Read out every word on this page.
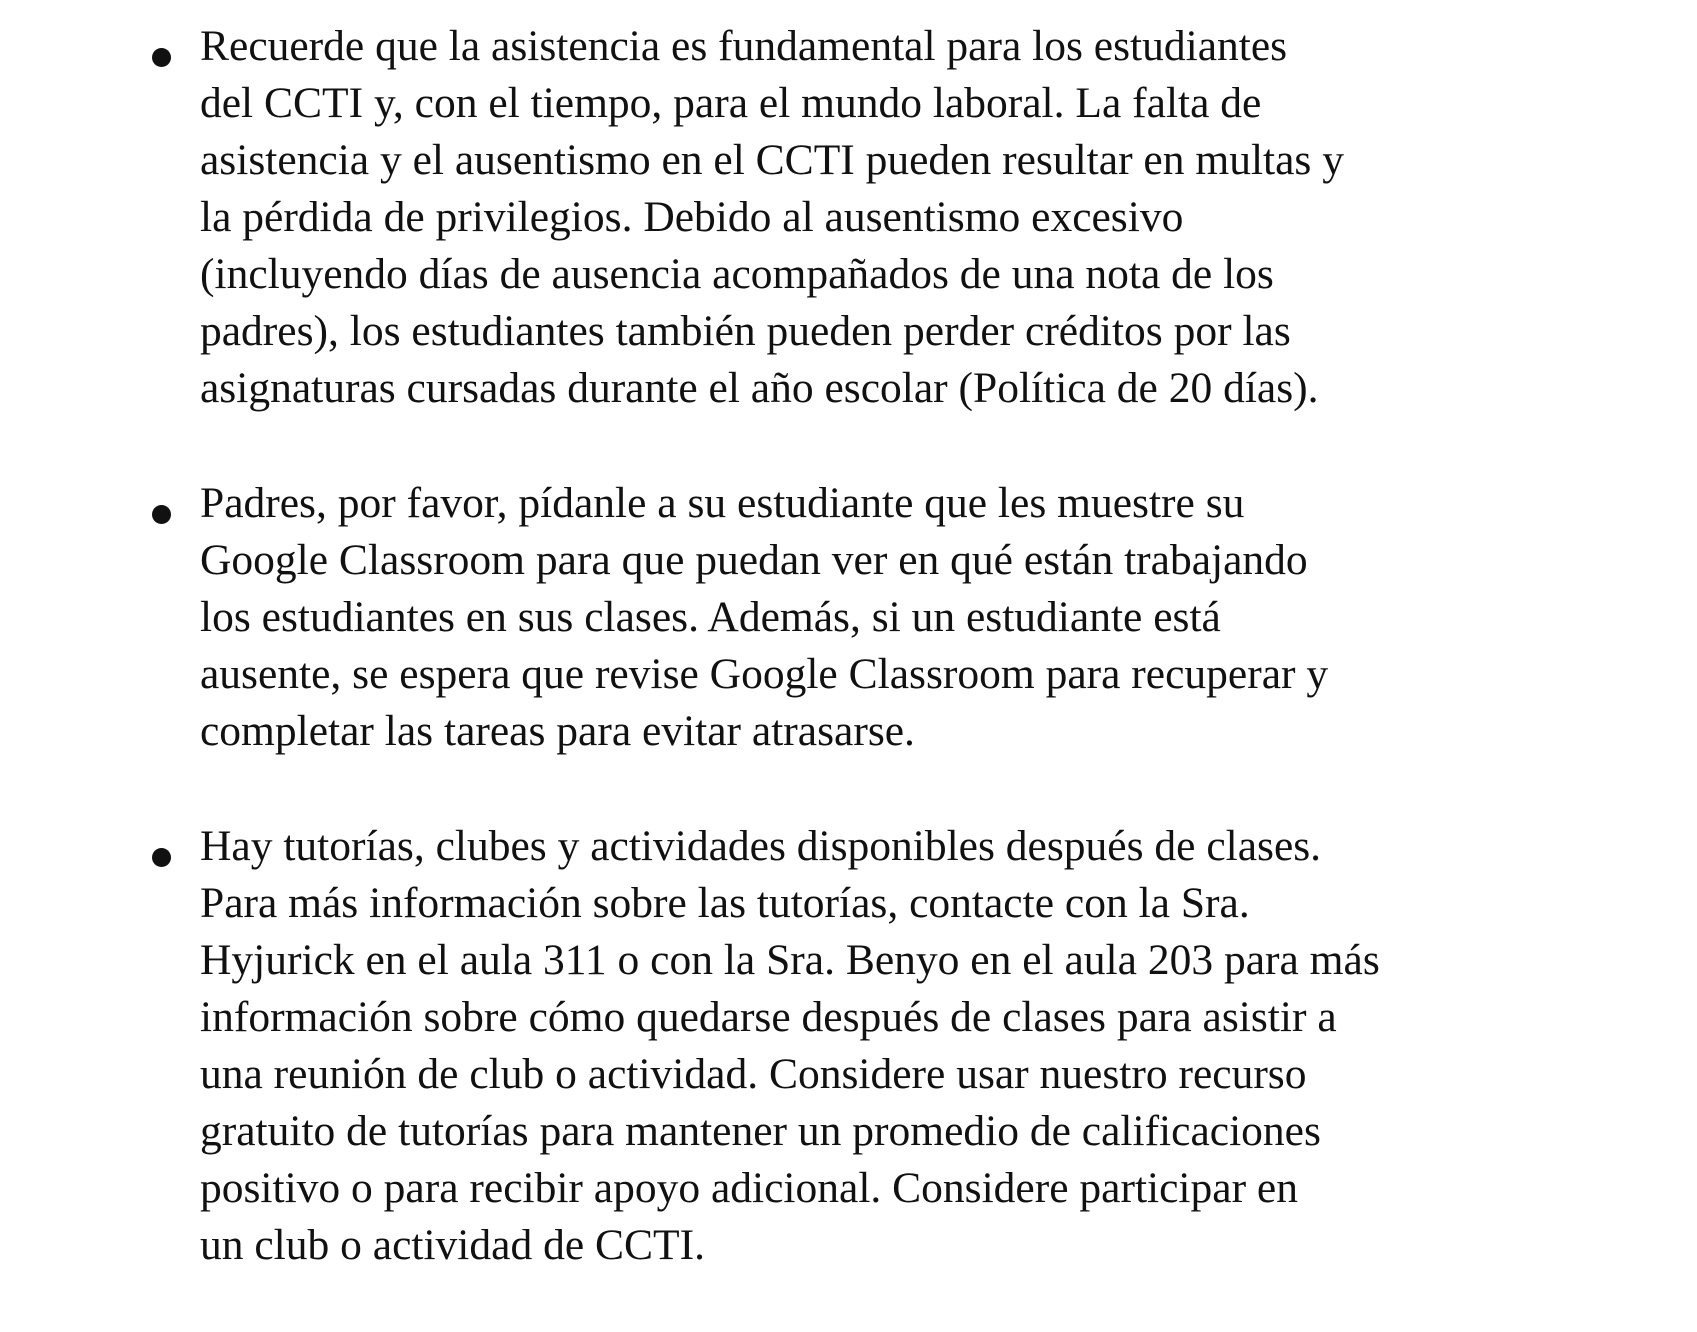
Recuerde que la asistencia es fundamental para los estudiantes
del CCTI y, con el tiempo, para el mundo laboral. La falta de
asistencia y el ausentismo en el CCTI pueden resultar en multas y
la pérdida de privilegios. Debido al ausentismo excesivo
(incluyendo días de ausencia acompañados de una nota de los
padres), los estudiantes también pueden perder créditos por las
asignaturas cursadas durante el año escolar (Política de 20 días).
Padres, por favor, pídanle a su estudiante que les muestre su
Google Classroom para que puedan ver en qué están trabajando
los estudiantes en sus clases. Además, si un estudiante está
ausente, se espera que revise Google Classroom para recuperar y
completar las tareas para evitar atrasarse.
Hay tutorías, clubes y actividades disponibles después de clases.
Para más información sobre las tutorías, contacte con la Sra.
Hyjurick en el aula 311 o con la Sra. Benyo en el aula 203 para más
información sobre cómo quedarse después de clases para asistir a
una reunión de club o actividad. Considere usar nuestro recurso
gratuito de tutorías para mantener un promedio de calificaciones
positivo o para recibir apoyo adicional. Considere participar en
un club o actividad de CCTI.
